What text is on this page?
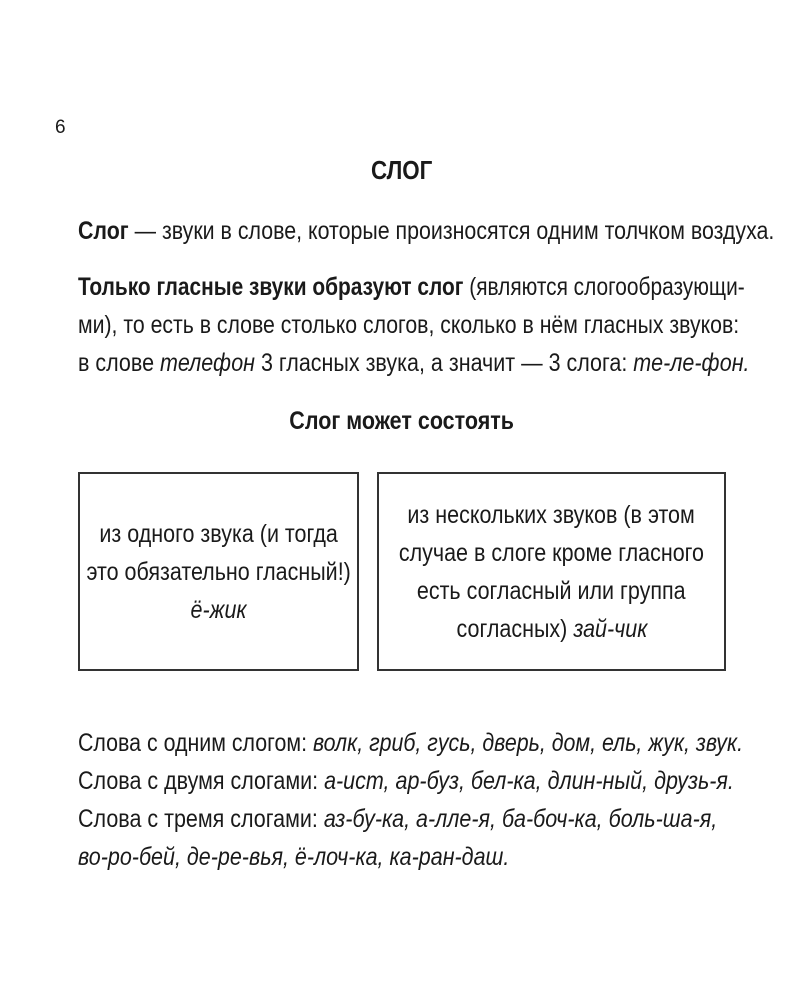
6
СЛОГ
Слог — звуки в слове, которые произносятся одним толчком воздуха.
Только гласные звуки образуют слог (являются слогообразующи-
ми), то есть в слове столько слогов, сколько в нём гласных звуков:
в слове телефон 3 гласных звука, а значит — 3 слога: те-ле-фон.
Слог может состоять
из одного звука (и тогда
это обязательно гласный!)
ё-жик
из нескольких звуков (в этом
случае в слоге кроме гласного
есть согласный или группа
согласных) зай-чик
Слова с одним слогом: волк, гриб, гусь, дверь, дом, ель, жук, звук.
Слова с двумя слогами: а-ист, ар-буз, бел-ка, длин-ный, друзь-я.
Слова с тремя слогами: аз-бу-ка, а-лле-я, ба-боч-ка, боль-ша-я,
во-ро-бей, де-ре-вья, ё-лоч-ка, ка-ран-даш.
